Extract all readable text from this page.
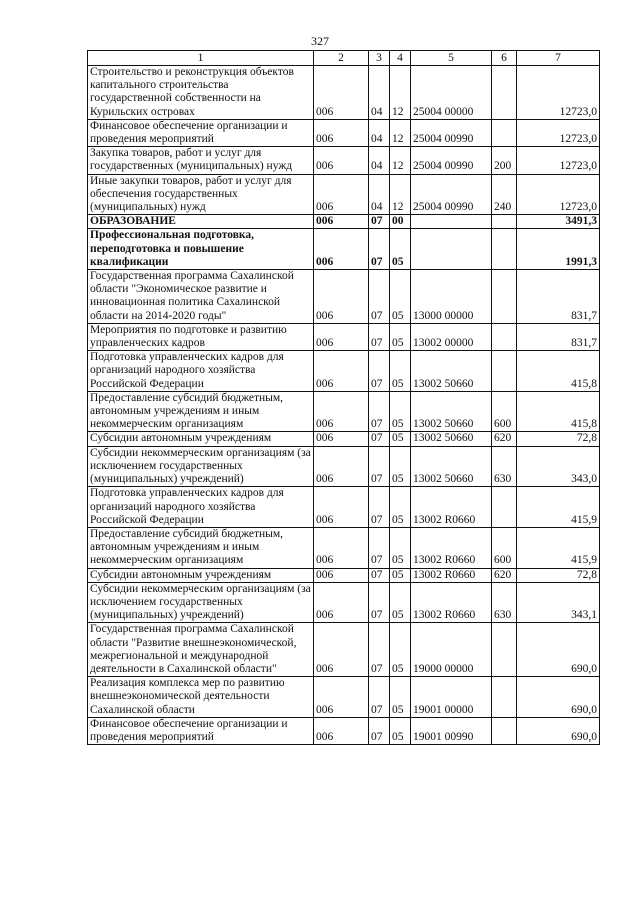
327
1	2	3	4	5	6	7
Строительство и реконструкция объектов капитального строительства государственной собственности на Курильских островах	006	04	12	25004 00000		12723,0
Финансовое обеспечение организации и проведения мероприятий	006	04	12	25004 00990		12723,0
Закупка товаров, работ и услуг для государственных (муниципальных) нужд	006	04	12	25004 00990	200	12723,0
Иные закупки товаров, работ и услуг для обеспечения государственных (муниципальных) нужд	006	04	12	25004 00990	240	12723,0
ОБРАЗОВАНИЕ	006	07	00			3491,3
Профессиональная подготовка, переподготовка и повышение квалификации	006	07	05			1991,3
Государственная программа Сахалинской области "Экономическое развитие и инновационная политика Сахалинской области на 2014-2020 годы"	006	07	05	13000 00000		831,7
Мероприятия по подготовке и развитию управленческих кадров	006	07	05	13002 00000		831,7
Подготовка управленческих кадров для организаций народного хозяйства Российской Федерации	006	07	05	13002 50660		415,8
Предоставление субсидий бюджетным, автономным учреждениям и иным некоммерческим организациям	006	07	05	13002 50660	600	415,8
Субсидии автономным учреждениям	006	07	05	13002 50660	620	72,8
Субсидии некоммерческим организациям (за исключением государственных (муниципальных) учреждений)	006	07	05	13002 50660	630	343,0
Подготовка управленческих кадров для организаций народного хозяйства Российской Федерации	006	07	05	13002 R0660		415,9
Предоставление субсидий бюджетным, автономным учреждениям и иным некоммерческим организациям	006	07	05	13002 R0660	600	415,9
Субсидии автономным учреждениям	006	07	05	13002 R0660	620	72,8
Субсидии некоммерческим организациям (за исключением государственных (муниципальных) учреждений)	006	07	05	13002 R0660	630	343,1
Государственная программа Сахалинской области "Развитие внешнеэкономической, межрегиональной и международной деятельности в Сахалинской области"	006	07	05	19000 00000		690,0
Реализация комплекса мер по развитию внешнеэкономической деятельности Сахалинской области	006	07	05	19001 00000		690,0
Финансовое обеспечение организации и проведения мероприятий	006	07	05	19001 00990		690,0
